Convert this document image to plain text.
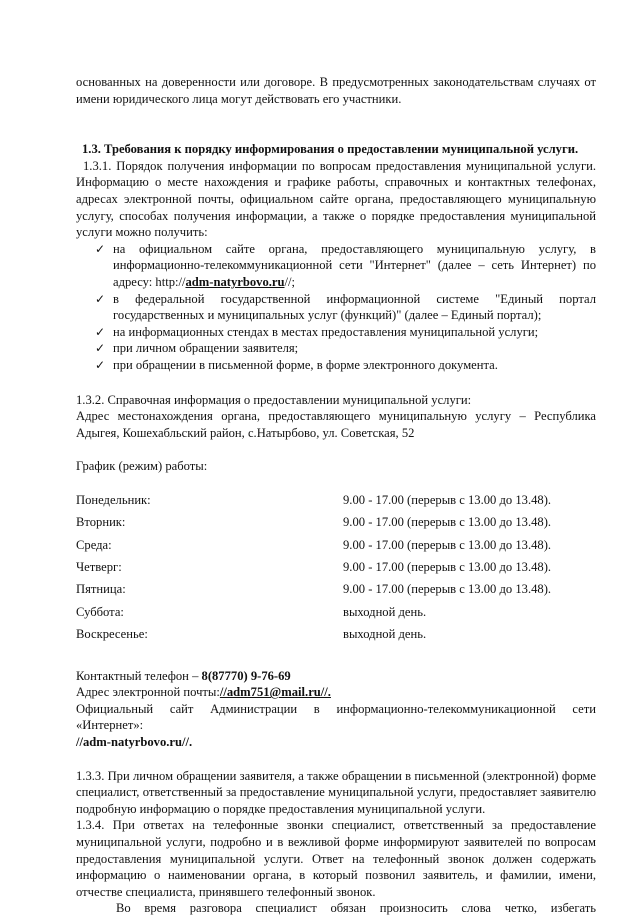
основанных на доверенности или договоре. В предусмотренных законодательствам случаях от имени юридического лица могут действовать его участники.

1.3. Требования к порядку информирования о предоставлении муниципальной услуги.

1.3.1. Порядок получения информации по вопросам предоставления муниципальной услуги. Информацию о месте нахождения и графике работы, справочных и контактных телефонах, адресах электронной почты, официальном сайте органа, предоставляющего муниципальную услугу, способах получения информации, а также о порядке предоставления муниципальной услуги можно получить:

✓ на официальном сайте органа, предоставляющего муниципальную услугу, в информационно-телекоммуникационной сети "Интернет" (далее – сеть Интернет) по адресу: http://adm-natyrbovo.ru//;
✓ в федеральной государственной информационной системе "Единый портал государственных и муниципальных услуг (функций)" (далее – Единый портал);
✓ на информационных стендах в местах предоставления муниципальной услуги;
✓ при личном обращении заявителя;
✓ при обращении в письменной форме, в форме электронного документа.

1.3.2. Справочная информация о предоставлении муниципальной услуги:

Адрес местонахождения органа, предоставляющего муниципальную услугу – Республика Адыгея, Кошехабльский район, с.Натырбово, ул. Советская, 52

График (режим) работы:

Понедельник:	9.00 - 17.00 (перерыв с 13.00 до 13.48).
Вторник:	9.00 - 17.00 (перерыв с 13.00 до 13.48).
Среда:	9.00 - 17.00 (перерыв с 13.00 до 13.48).
Четверг:	9.00 - 17.00 (перерыв с 13.00 до 13.48).
Пятница:	9.00 - 17.00 (перерыв с 13.00 до 13.48).
Суббота:	выходной день.
Воскресенье:	выходной день.

Контактный телефон – 8(87770) 9-76-69

Адрес электронной почты://adm751@mail.ru//.

Официальный сайт Администрации в информационно-телекоммуникационной сети «Интернет»:

//adm-natyrbovo.ru//.

1.3.3. При личном обращении заявителя, а также обращении в письменной (электронной) форме специалист, ответственный за предоставление муниципальной услуги, предоставляет заявителю подробную информацию о порядке предоставления муниципальной услуги.

1.3.4. При ответах на телефонные звонки специалист, ответственный за предоставление муниципальной услуги, подробно и в вежливой форме информируют заявителей по вопросам предоставления муниципальной услуги. Ответ на телефонный звонок должен содержать информацию о наименовании органа, в который позвонил заявитель, и фамилии, имени, отчестве специалиста, принявшего телефонный звонок.

Во время разговора специалист обязан произносить слова четко, избегать
